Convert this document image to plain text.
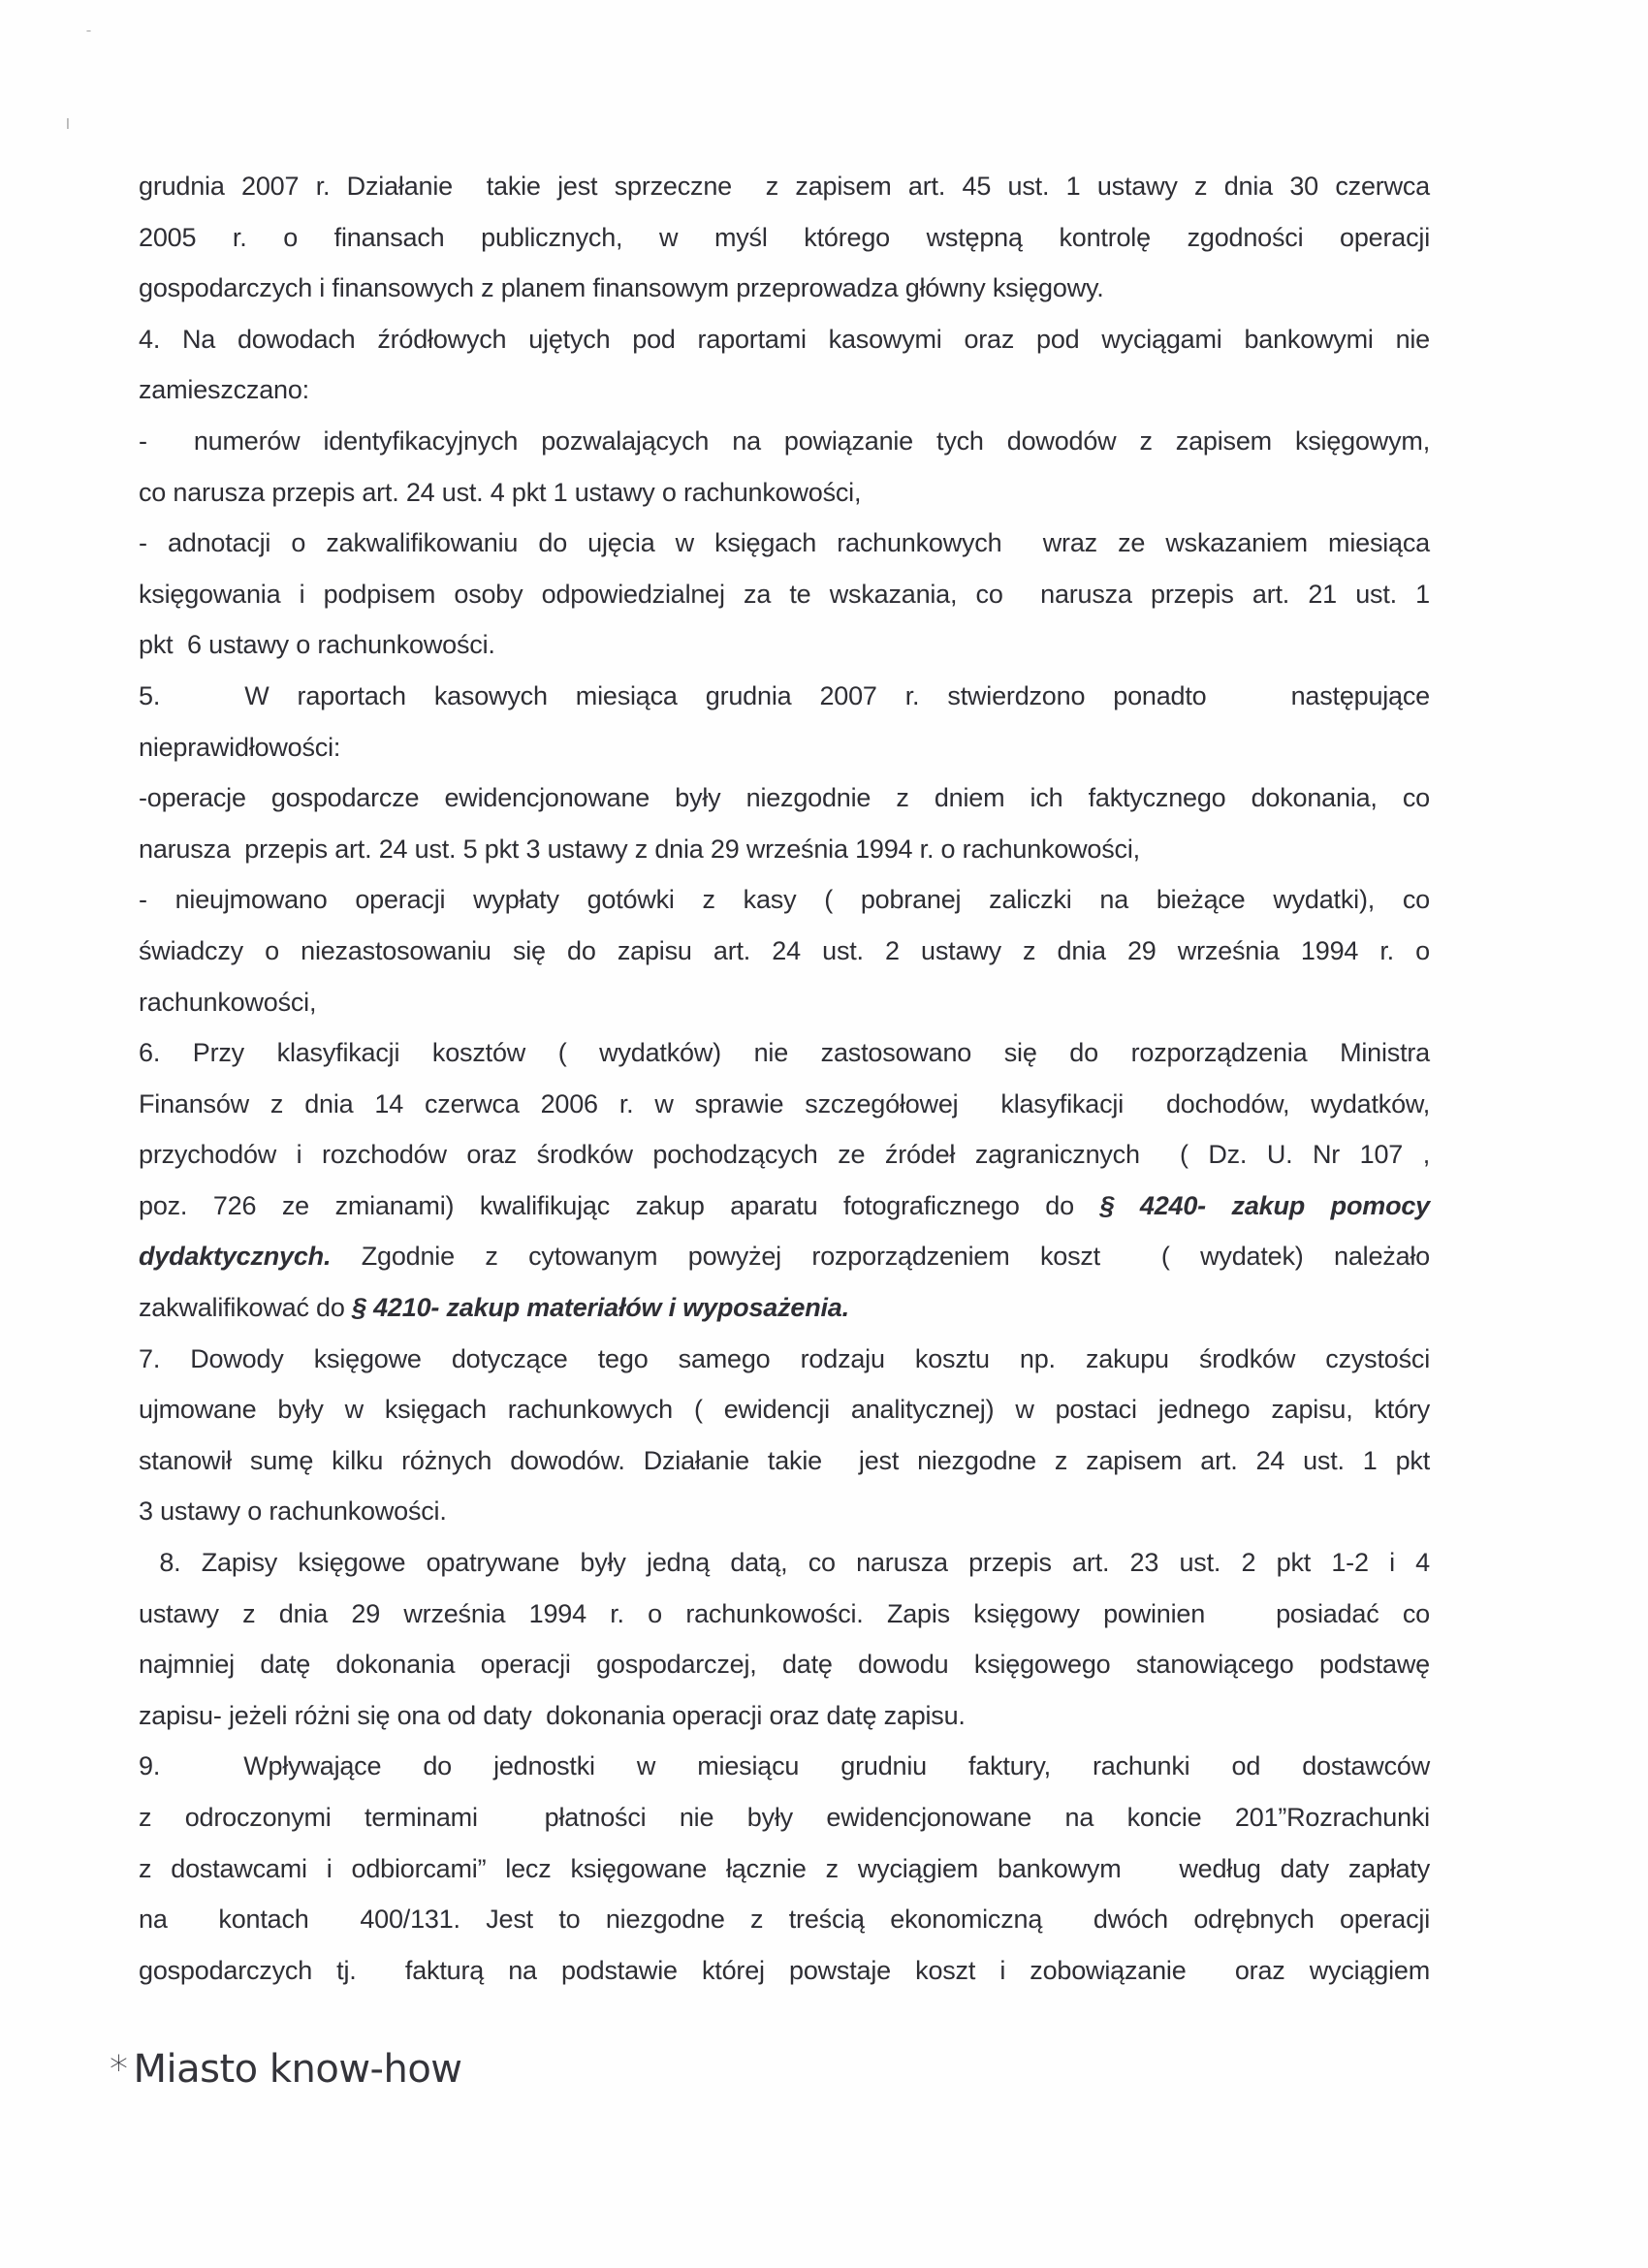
ˉ
ꞁ

grudnia 2007 r. Działanie  takie jest sprzeczne  z zapisem art. 45 ust. 1 ustawy z dnia 30 czerwca

2005 r. o finansach publicznych, w myśl którego wstępną kontrolę zgodności operacji

gospodarczych i finansowych z planem finansowym przeprowadza główny księgowy.

4. Na dowodach źródłowych ujętych pod raportami kasowymi oraz pod wyciągami bankowymi nie

zamieszczano:

-  numerów identyfikacyjnych pozwalających na powiązanie tych dowodów z zapisem księgowym,

co narusza przepis art. 24 ust. 4 pkt 1 ustawy o rachunkowości,

- adnotacji o zakwalifikowaniu do ujęcia w księgach rachunkowych  wraz ze wskazaniem miesiąca

księgowania i podpisem osoby odpowiedzialnej za te wskazania, co  narusza przepis art. 21 ust. 1

pkt  6 ustawy o rachunkowości.

5.   W raportach kasowych miesiąca grudnia 2007 r. stwierdzono ponadto   następujące

nieprawidłowości:

-operacje gospodarcze ewidencjonowane były niezgodnie z dniem ich faktycznego dokonania, co

narusza  przepis art. 24 ust. 5 pkt 3 ustawy z dnia 29 września 1994 r. o rachunkowości,

- nieujmowano operacji wypłaty gotówki z kasy ( pobranej zaliczki na bieżące wydatki), co

świadczy o niezastosowaniu się do zapisu art. 24 ust. 2 ustawy z dnia 29 września 1994 r. o

rachunkowości,

6. Przy klasyfikacji kosztów ( wydatków) nie zastosowano się do rozporządzenia Ministra

Finansów z dnia 14 czerwca 2006 r. w sprawie szczegółowej  klasyfikacji  dochodów, wydatków,

przychodów i rozchodów oraz środków pochodzących ze źródeł zagranicznych  ( Dz. U. Nr 107 ,

poz. 726 ze zmianami) kwalifikując zakup aparatu fotograficznego do § 4240- zakup pomocy

dydaktycznych. Zgodnie z cytowanym powyżej rozporządzeniem koszt  ( wydatek) należało

zakwalifikować do § 4210- zakup materiałów i wyposażenia.

7. Dowody księgowe dotyczące tego samego rodzaju kosztu np. zakupu środków czystości

ujmowane były w księgach rachunkowych ( ewidencji analitycznej) w postaci jednego zapisu, który

stanowił sumę kilku różnych dowodów. Działanie takie  jest niezgodne z zapisem art. 24 ust. 1 pkt

3 ustawy o rachunkowości.

8. Zapisy księgowe opatrywane były jedną datą, co narusza przepis art. 23 ust. 2 pkt 1-2 i 4

ustawy z dnia 29 września 1994 r. o rachunkowości. Zapis księgowy powinien   posiadać co

najmniej datę dokonania operacji gospodarczej, datę dowodu księgowego stanowiącego podstawę

zapisu- jeżeli różni się ona od daty  dokonania operacji oraz datę zapisu.

9.  Wpływające do jednostki w miesiącu grudniu faktury, rachunki od dostawców

z odroczonymi terminami  płatności nie były ewidencjonowane na koncie 201”Rozrachunki

z dostawcami i odbiorcami” lecz księgowane łącznie z wyciągiem bankowym   według daty zapłaty

na  kontach  400/131. Jest to niezgodne z treścią ekonomiczną  dwóch odrębnych operacji

gospodarczych tj.  fakturą na podstawie której powstaje koszt i zobowiązanie  oraz wyciągiem

* Miasto know-how
